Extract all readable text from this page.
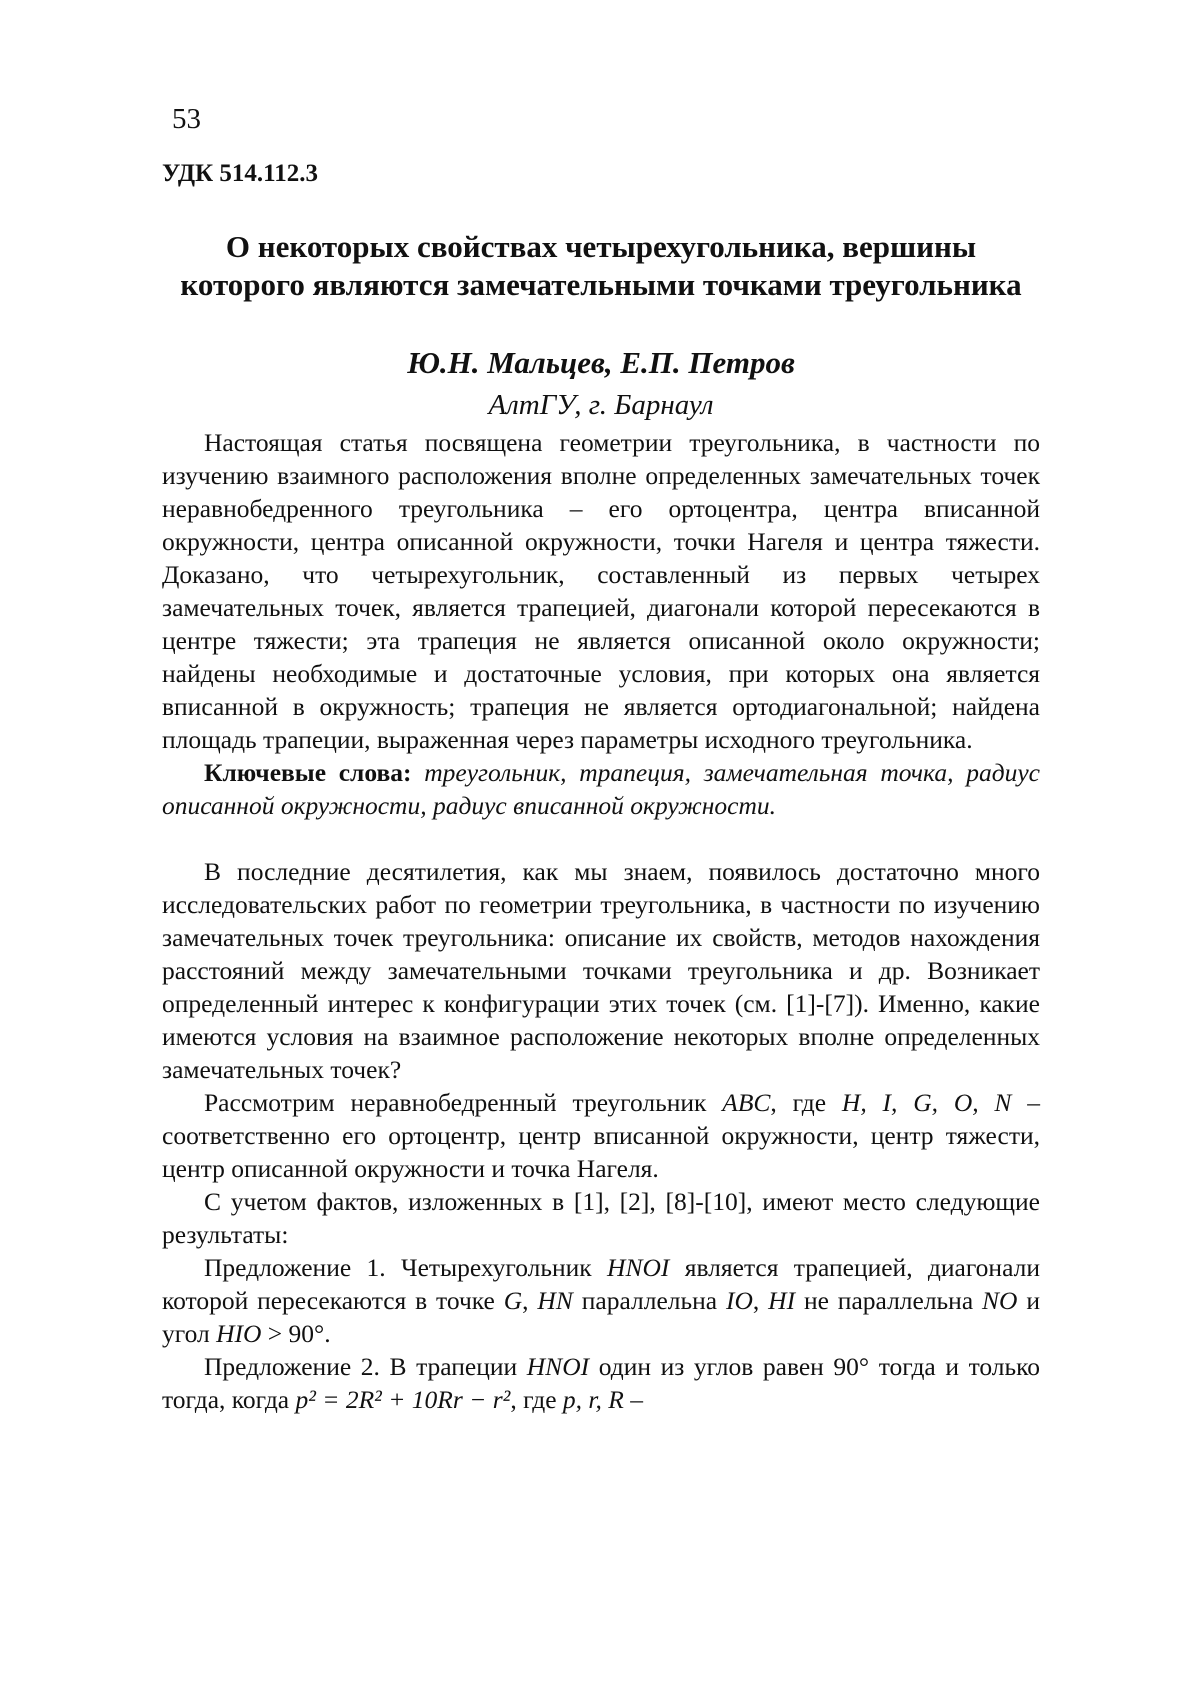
53
УДК 514.112.3
О некоторых свойствах четырехугольника, вершины которого являются замечательными точками треугольника
Ю.Н. Мальцев, Е.П. Петров
АлтГУ, г. Барнаул

Настоящая статья посвящена геометрии треугольника, в частности по изучению взаимного расположения вполне определенных замечательных точек неравнобедренного треугольника – его ортоцентра, центра вписанной окружности, центра описанной окружности, точки Нагеля и центра тяжести. Доказано, что четырехугольник, составленный из первых четырех замечательных точек, является трапецией, диагонали которой пересекаются в центре тяжести; эта трапеция не является описанной около окружности; найдены необходимые и достаточные условия, при которых она является вписанной в окружность; трапеция не является ортодиагональной; найдена площадь трапеции, выраженная через параметры исходного треугольника.

Ключевые слова: треугольник, трапеция, замечательная точка, радиус описанной окружности, радиус вписанной окружности.

В последние десятилетия, как мы знаем, появилось достаточно много исследовательских работ по геометрии треугольника, в частности по изучению замечательных точек треугольника: описание их свойств, методов нахождения расстояний между замечательными точками треугольника и др. Возникает определенный интерес к конфигурации этих точек (см. [1]-[7]). Именно, какие имеются условия на взаимное расположение некоторых вполне определенных замечательных точек?

Рассмотрим неравнобедренный треугольник ABC, где H, I, G, O, N – соответственно его ортоцентр, центр вписанной окружности, центр тяжести, центр описанной окружности и точка Нагеля.

С учетом фактов, изложенных в [1], [2], [8]-[10], имеют место следующие результаты:

Предложение 1. Четырехугольник HNOI является трапецией, диагонали которой пересекаются в точке G, HN параллельна IO, HI не параллельна NO и угол HIO > 90°.

Предложение 2. В трапеции HNOI один из углов равен 90° тогда и только тогда, когда p² = 2R² + 10Rr − r², где p, r, R –
